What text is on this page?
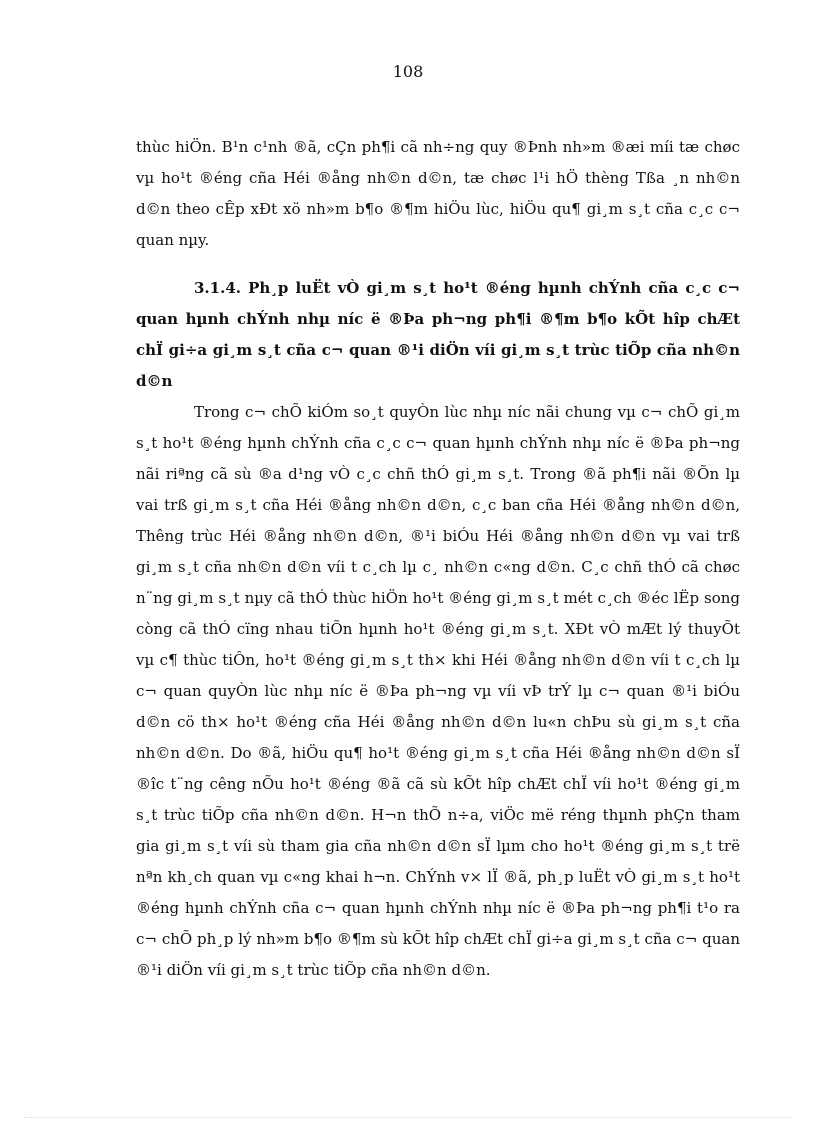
108

thùc hiÖn. B¹n c¹nh ®ã, cÇn ph¶i cã nh÷ng quy ®Þnh nh»m ®æi míi tæ chøc vµ ho¹t ®éng cña Héi ®ång nh©n d©n, tæ chøc l¹i hÖ thèng Tßa ¸n nh©n d©n theo cÊp xÐt xö nh»m b¶o ®¶m hiÖu lùc, hiÖu qu¶ gi¸m s¸t cña c¸c c¬ quan nµy.

3.1.4. Ph¸p luËt vÒ gi¸m s¸t ho¹t ®éng hµnh chÝnh cña c¸c c¬ quan hµnh chÝnh nhµ níc ë ®Þa ph¬ng ph¶i ®¶m b¶o kÕt hîp chÆt chÏ gi÷a gi¸m s¸t cña c¬ quan ®¹i diÖn víi gi¸m s¸t trùc tiÕp cña nh©n d©n

Trong c¬ chÕ kiÓm so¸t quyÒn lùc nhµ níc nãi chung vµ c¬ chÕ gi¸m s¸t ho¹t ®éng hµnh chÝnh cña c¸c c¬ quan hµnh chÝnh nhµ níc ë ®Þa ph¬ng nãi riªng cã sù ®a d¹ng vÒ c¸c chñ thÓ gi¸m s¸t. Trong ®ã ph¶i nãi ®Õn lµ vai trß gi¸m s¸t cña Héi ®ång nh©n d©n, c¸c ban cña Héi ®ång nh©n d©n, Thêng trùc Héi ®ång nh©n d©n, ®¹i biÓu Héi ®ång nh©n d©n vµ vai trß gi¸m s¸t cña nh©n d©n víi t c¸ch lµ c¸ nh©n c«ng d©n. C¸c chñ thÓ cã chøc n¨ng gi¸m s¸t nµy cã thÓ thùc hiÖn ho¹t ®éng gi¸m s¸t mét c¸ch ®éc lËp song còng cã thÓ cïng nhau tiÕn hµnh ho¹t ®éng gi¸m s¸t. XÐt vÒ mÆt lý thuyÕt vµ c¶ thùc tiÔn, ho¹t ®éng gi¸m s¸t th× khi Héi ®ång nh©n d©n víi t c¸ch lµ c¬ quan quyÒn lùc nhµ níc ë ®Þa ph¬ng vµ víi vÞ trÝ lµ c¬ quan ®¹i biÓu d©n cö th× ho¹t ®éng cña Héi ®ång nh©n d©n lu«n chÞu sù gi¸m s¸t cña nh©n d©n. Do ®ã, hiÖu qu¶ ho¹t ®éng gi¸m s¸t cña Héi ®ång nh©n d©n sÏ ®îc t¨ng cêng nÕu ho¹t ®éng ®ã cã sù kÕt hîp chÆt chÏ víi ho¹t ®éng gi¸m s¸t trùc tiÕp cña nh©n d©n. H¬n thÕ n÷a, viÖc më réng thµnh phÇn tham gia gi¸m s¸t víi sù tham gia cña nh©n d©n sÏ lµm cho ho¹t ®éng gi¸m s¸t trë nªn kh¸ch quan vµ c«ng khai h¬n. ChÝnh v× lÏ ®ã, ph¸p luËt vÒ gi¸m s¸t ho¹t ®éng hµnh chÝnh cña c¬ quan hµnh chÝnh nhµ níc ë ®Þa ph¬ng ph¶i t¹o ra c¬ chÕ ph¸p lý nh»m b¶o ®¶m sù kÕt hîp chÆt chÏ gi÷a gi¸m s¸t cña c¬ quan ®¹i diÖn víi gi¸m s¸t trùc tiÕp cña nh©n d©n.
